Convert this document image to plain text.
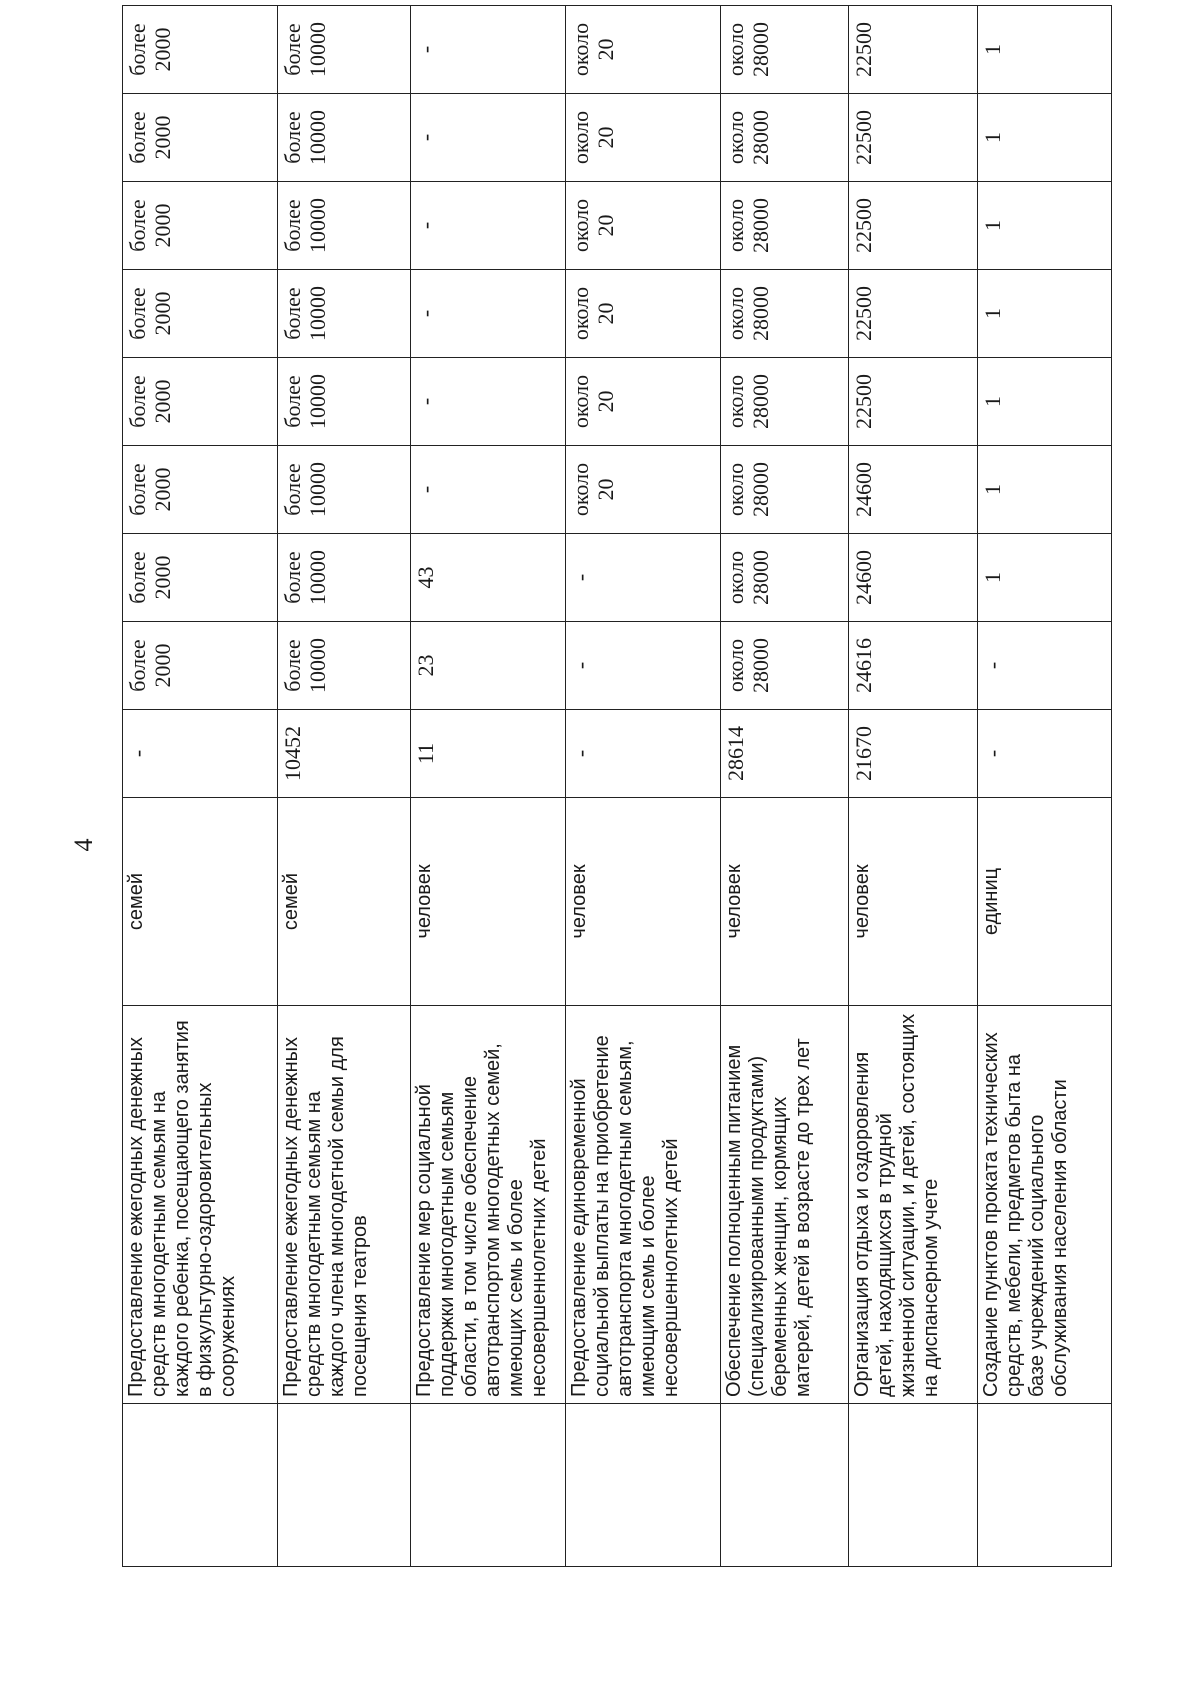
4
	Предоставление ежегодных денежных средств многодетным семьям на каждого ребенка, посещающего занятия в физкультурно-оздоровительных сооружениях	семей	-	более
2000	более
2000	более
2000	более
2000	более
2000	более
2000	более
2000	более
2000

	Предоставление ежегодных денежных средств многодетным семьям на каждого члена многодетной семьи для посещения театров	семей	10452	более
10000	более
10000	более
10000	более
10000	более
10000	более
10000	более
10000	более
10000

	Предоставление мер социальной поддержки многодетным семьям области, в том числе обеспечение автотранспортом многодетных семей, имеющих семь и более несовершеннолетних детей	человек	11	23	43	-	-	-	-	-	-

	Предоставление единовременной социальной выплаты на приобретение автотранспорта многодетным семьям, имеющим семь и более несовершеннолетних детей	человек	-	-	-	около
20	около
20	около
20	около
20	около
20	около
20

	Обеспечение полноценным питанием (специализированными продуктами) беременных женщин, кормящих матерей, детей в возрасте до трех лет	человек	28614	около
28000	около
28000	около
28000	около
28000	около
28000	около
28000	около
28000	около
28000

	Организация отдыха и оздоровления детей, находящихся в трудной жизненной ситуации, и детей, состоящих на диспансерном учете	человек	21670	24616	24600	24600	22500	22500	22500	22500	22500

	Создание пунктов проката технических средств, мебели, предметов быта на базе учреждений социального обслуживания населения области	единиц	-	-	1	1	1	1	1	1	1
